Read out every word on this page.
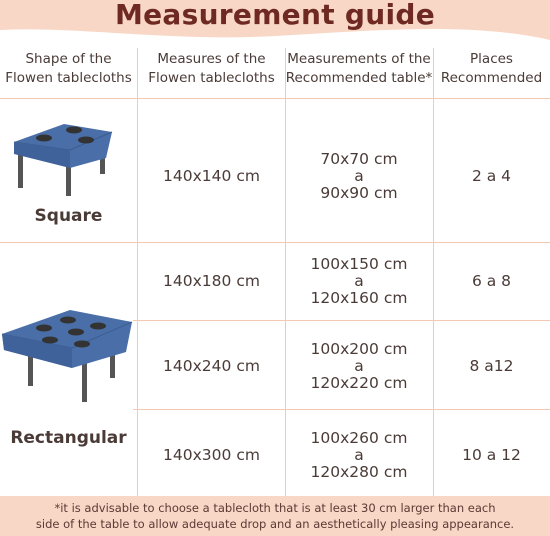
Measurement guide
Shape of the
Flowen tablecloths
Measures of the
Flowen tablecloths
Measurements of the
Recommended table*
Places
Recommended
Square
140x140 cm
70x70 cm
a
90x90 cm
2 a 4
Rectangular
140x180 cm
100x150 cm
a
120x160 cm
6 a 8
140x240 cm
100x200 cm
a
120x220 cm
8 a12
140x300 cm
100x260 cm
a
120x280 cm
10 a 12
*it is advisable to choose a tablecloth that is at least 30 cm larger than each
side of the table to allow adequate drop and an aesthetically pleasing appearance.
